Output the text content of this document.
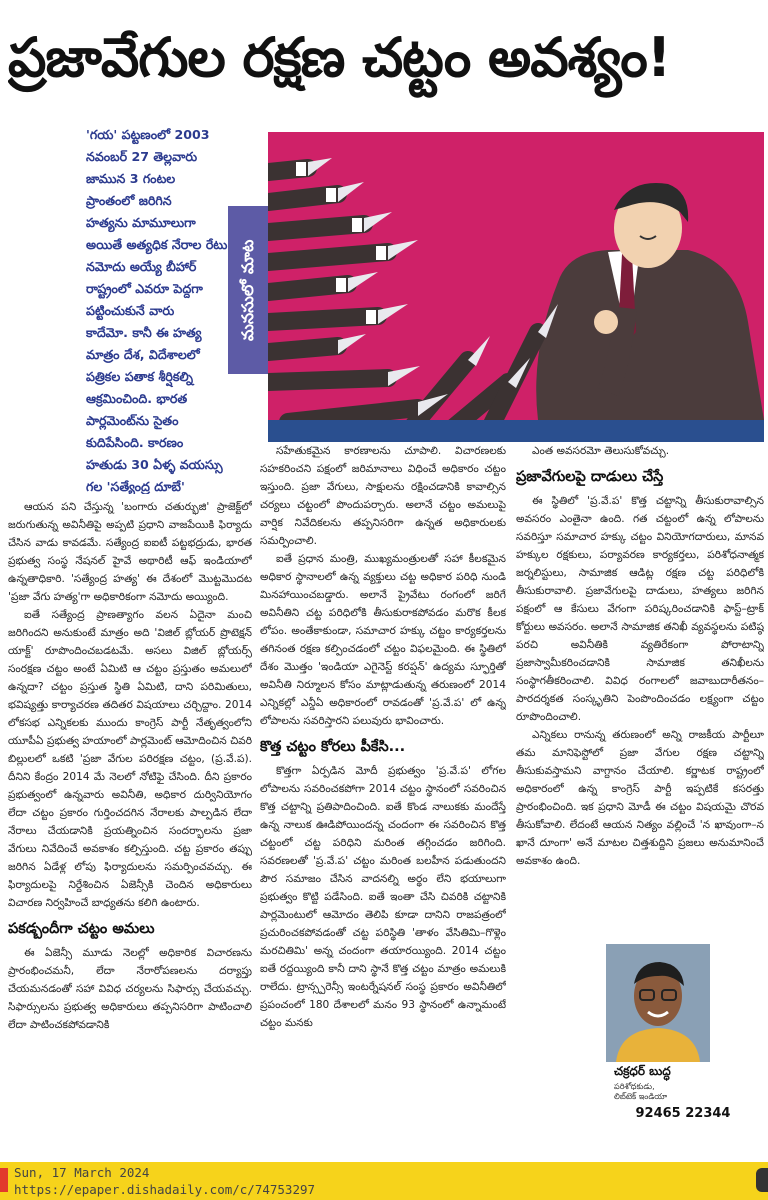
ప్రజావేగుల రక్షణ చట్టం అవశ్యం!
'గయ' పట్టణంలో 2003
నవంబర్ 27 తెల్లవారు
జామున 3 గంటల
ప్రాంతంలో జరిగిన
హత్యను మామూలుగా
అయితే అత్యధిక నేరాల రేటు
నమోదు అయ్యే బీహార్
రాష్ట్రంలో ఎవరూ పెద్దగా
పట్టించుకునే వారు
కాదేమో. కానీ ఈ హత్య
మాత్రం దేశ, విదేశాలలో
పత్రికల పతాక శీర్షికల్ని
ఆక్రమించింది. భారత
పార్లమెంట్‌ను సైతం
కుదిపేసింది. కారణం
హతుడు 30 ఏళ్ళ వయస్సు
గల 'సత్యేంద్ర దూబే'
మనసులో మాట

ఆయన పని చేస్తున్న 'బంగారు చతుర్భుజి' ప్రాజెక్ట్‌లో జరుగుతున్న అవినీతిపై అప్పటి ప్రధాని వాజపేయికి ఫిర్యాదు చేసిన వాడు కావడమే. సత్యేంద్ర ఐఐటీ పట్టభద్రుడు, భారత ప్రభుత్వ సంస్థ నేషనల్ హైవే అథారిటీ ఆఫ్ ఇండియాలో ఉన్నతాధికారి. 'సత్యేంద్ర హత్య' ఈ దేశంలో మొట్టమొదట 'ప్రజా వేగు హత్య'గా అధికారికంగా నమోదు అయ్యింది.

ఐతే సత్యేంద్ర ప్రాణత్యాగం వలన ఏదైనా మంచి జరిగిందని అనుకుంటే మాత్రం అది 'విజిల్ బ్లోయర్ ప్రొటెక్షన్ యాక్ట్' రూపొందించబడటమే. అసలు విజిల్ బ్లోయర్స్ సంరక్షణ చట్టం అంటే ఏమిటి ఆ చట్టం ప్రస్తుతం అమలులో ఉన్నదా? చట్టం ప్రస్తుత స్థితి ఏమిటి, దాని పరిమితులు, భవిష్యత్తు కార్యాచరణ తదితర విషయాలు చర్చిద్దాం. 2014 లోకసభ ఎన్నికలకు ముందు కాంగ్రెస్ పార్టీ నేతృత్వంలోని యూపీఏ ప్రభుత్వ హయాంలో పార్లమెంట్ ఆమోదించిన చివరి బిల్లులలో ఒకటి 'ప్రజా వేగుల పరిరక్షణ చట్టం, (ప్ర.వే.ప). దీనిని కేంద్రం 2014 మే నెలలో నోటిఫై చేసింది. దీని ప్రకారం ప్రభుత్వంలో ఉన్నవారు అవినీతి, అధికార దుర్వినియోగం లేదా చట్టం ప్రకారం గుర్తించదగిన నేరాలకు పాల్పడిన లేదా నేరాలు చేయడానికి ప్రయత్నించిన సందర్భాలను ప్రజా వేగులు నివేదించే అవకాశం కల్పిస్తుంది. చట్ట ప్రకారం తప్పు జరిగిన ఏడేళ్ల లోపు ఫిర్యాదులను సమర్పించవచ్చు. ఈ ఫిర్యాదులపై నిర్దేశించిన ఏజెన్సీకి చెందిన అధికారులు విచారణ నిర్వహించే బాధ్యతను కలిగి ఉంటారు.

పకడ్బందీగా చట్టం అమలు

ఈ ఏజెన్సీ మూడు నెలల్లో అధికారిక విచారణను ప్రారంభించమనీ, లేదా నేరారోపణలను దర్యాప్తు చేయమనడంతో సహా వివిధ చర్యలను సిఫార్సు చేయవచ్చు. సిఫార్సులను ప్రభుత్వ అధికారులు తప్పనిసరిగా పాటించాలి లేదా పాటించకపోవడానికి

సహేతుకమైన కారణాలను చూపాలి. విచారణలకు సహకరించని పక్షంలో జరిమానాలు విధించే అధికారం చట్టం ఇస్తుంది. ప్రజా వేగులు, సాక్షులను రక్షించడానికి కావాల్సిన చర్యలు చట్టంలో పొందుపర్చారు. అలానే చట్టం అమలుపై వార్షిక నివేదికలను తప్పనిసరిగా ఉన్నత అధికారులకు సమర్పించాలి.

ఐతే ప్రధాన మంత్రి, ముఖ్యమంత్రులతో సహా కీలకమైన అధికార స్థానాలలో ఉన్న వ్యక్తులు చట్ట అధికార పరిధి నుండి మినహాయించబడ్డారు. అలానే ప్రైవేటు రంగంలో జరిగే అవినీతిని చట్ట పరిధిలోకి తీసుకురాకపోవడం మరొక కీలక లోపం. అంతేకాకుండా, సమాచార హక్కు చట్టం కార్యకర్తలను తగినంత రక్షణ కల్పించడంలో చట్టం విఫలమైంది. ఈ స్థితిలో దేశం మొత్తం 'ఇండియా ఎగైనెస్ట్ కరప్షన్' ఉద్యమ స్ఫూర్తితో అవినీతి నిర్మూలన కోసం మాట్లాడుతున్న తరుణంలో 2014 ఎన్నికల్లో ఎన్డీఏ అధికారంలో రావడంతో 'ప్ర.వే.ప' లో ఉన్న లోపాలను సవరిస్తారని పలువురు భావించారు.

కొత్త చట్టం కోరలు పీకేసి...

కొత్తగా ఏర్పడిన మోదీ ప్రభుత్వం 'ప్ర.వే.ప' లోగల లోపాలను సవరించకపోగా 2014 చట్టం స్థానంలో సవరించిన కొత్త చట్టాన్ని ప్రతిపాదించింది. ఐతే కొండ నాలుకకు మందేస్తే ఉన్న నాలుక ఊడిపోయిందన్న చందంగా ఈ సవరించిన కొత్త చట్టంలో చట్ట పరిధిని మరింత తగ్గించడం జరిగింది. సవరణలతో 'ప్ర.వే.ప' చట్టం మరింత బలహీన పడుతుందని పౌర సమాజం చేసిన వాదనల్ని అర్థం లేని భయాలుగా ప్రభుత్వం కొట్టి పడేసింది. ఐతే ఇంతా చేసి చివరికి చట్టానికి పార్లమెంటులో ఆమోదం తెలిపి కూడా దానిని రాజపత్రంలో ప్రచురించకపోవడంతో చట్ట పరిస్థితి 'తాళం వేసితిమి–గొళ్లెం మరచితిమి' అన్న చందంగా తయారయ్యింది. 2014 చట్టం ఐతే రద్దయ్యింది కానీ దాని స్థానే కొత్త చట్టం మాత్రం అమలుకి రాలేదు. ట్రాన్స్పరెన్సీ ఇంటర్నేషనల్ సంస్థ ప్రకారం అవినీతిలో ప్రపంచంలో 180 దేశాలలో మనం 93 స్థానంలో ఉన్నామంటే చట్టం మనకు

ఎంత అవసరమో తెలుసుకోవచ్చు.

ప్రజావేగులపై దాడులు చేస్తే

ఈ స్థితిలో 'ప్ర.వే.ప' కొత్త చట్టాన్ని తీసుకురావాల్సిన అవసరం ఎంతైనా ఉంది. గత చట్టంలో ఉన్న లోపాలను సవరిస్తూ సమాచార హక్కు చట్టం వినియోగదారులు, మానవ హక్కుల రక్షకులు, పర్యావరణ కార్యకర్తలు, పరిశోధనాత్మక జర్నలిస్టులు, సామాజిక ఆడిట్ల రక్షణ చట్ట పరిధిలోకి తీసుకురావాలి. ప్రజావేగులపై దాడులు, హత్యలు జరిగిన పక్షంలో ఆ కేసులు వేగంగా పరిష్కరించడానికి ఫాస్ట్–ట్రాక్ కోర్టులు అవసరం. అలానే సామాజిక తనిఖీ వ్యవస్థలను పటిష్ఠ పరచి అవినీతికి వ్యతిరేకంగా పోరాటాన్ని ప్రజాస్వామీకరించడానికి సామాజిక తనిఖీలను సంస్థాగతీకరించాలి. వివిధ రంగాలలో జవాబుదారీతనం–పారదర్శకత సంస్కృతిని పెంపొందించడం లక్ష్యంగా చట్టం రూపొందించాలి.

ఎన్నికలు రానున్న తరుణంలో అన్ని రాజకీయ పార్టీలూ తమ మానిఫెస్టోలో ప్రజా వేగుల రక్షణ చట్టాన్ని తీసుకువస్తామని వాగ్దానం చేయాలి. కర్ణాటక రాష్ట్రంలో అధికారంలో ఉన్న కాంగ్రెస్ పార్టీ ఇప్పటికే కసరత్తు ప్రారంభించింది. ఇక ప్రధాని మోడీ ఈ చట్టం విషయమై చొరవ తీసుకోవాలి. లేదంటే ఆయన నిత్యం వల్లించే 'న ఖావుంగా–న ఖానే దూంగా' అనే మాటల చిత్తశుద్దిని ప్రజలు అనుమానించే అవకాశం ఉంది.

చక్రధర్ బుద్ధ
పరిశోధకుడు,
లిబ్‌టెక్ ఇండియా
92465 22344
Sun, 17 March 2024
https://epaper.dishadaily.com/c/74753297
